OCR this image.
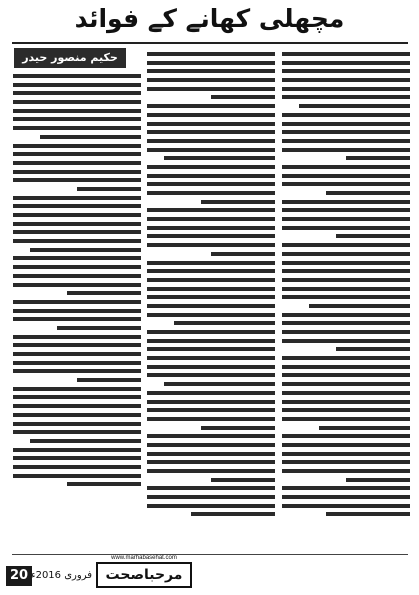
مچھلی کھانے کے فوائد
حکیم منصور حیدر
20 فروری 2016ء
www.marhabasehat.com
مرحباصحت
